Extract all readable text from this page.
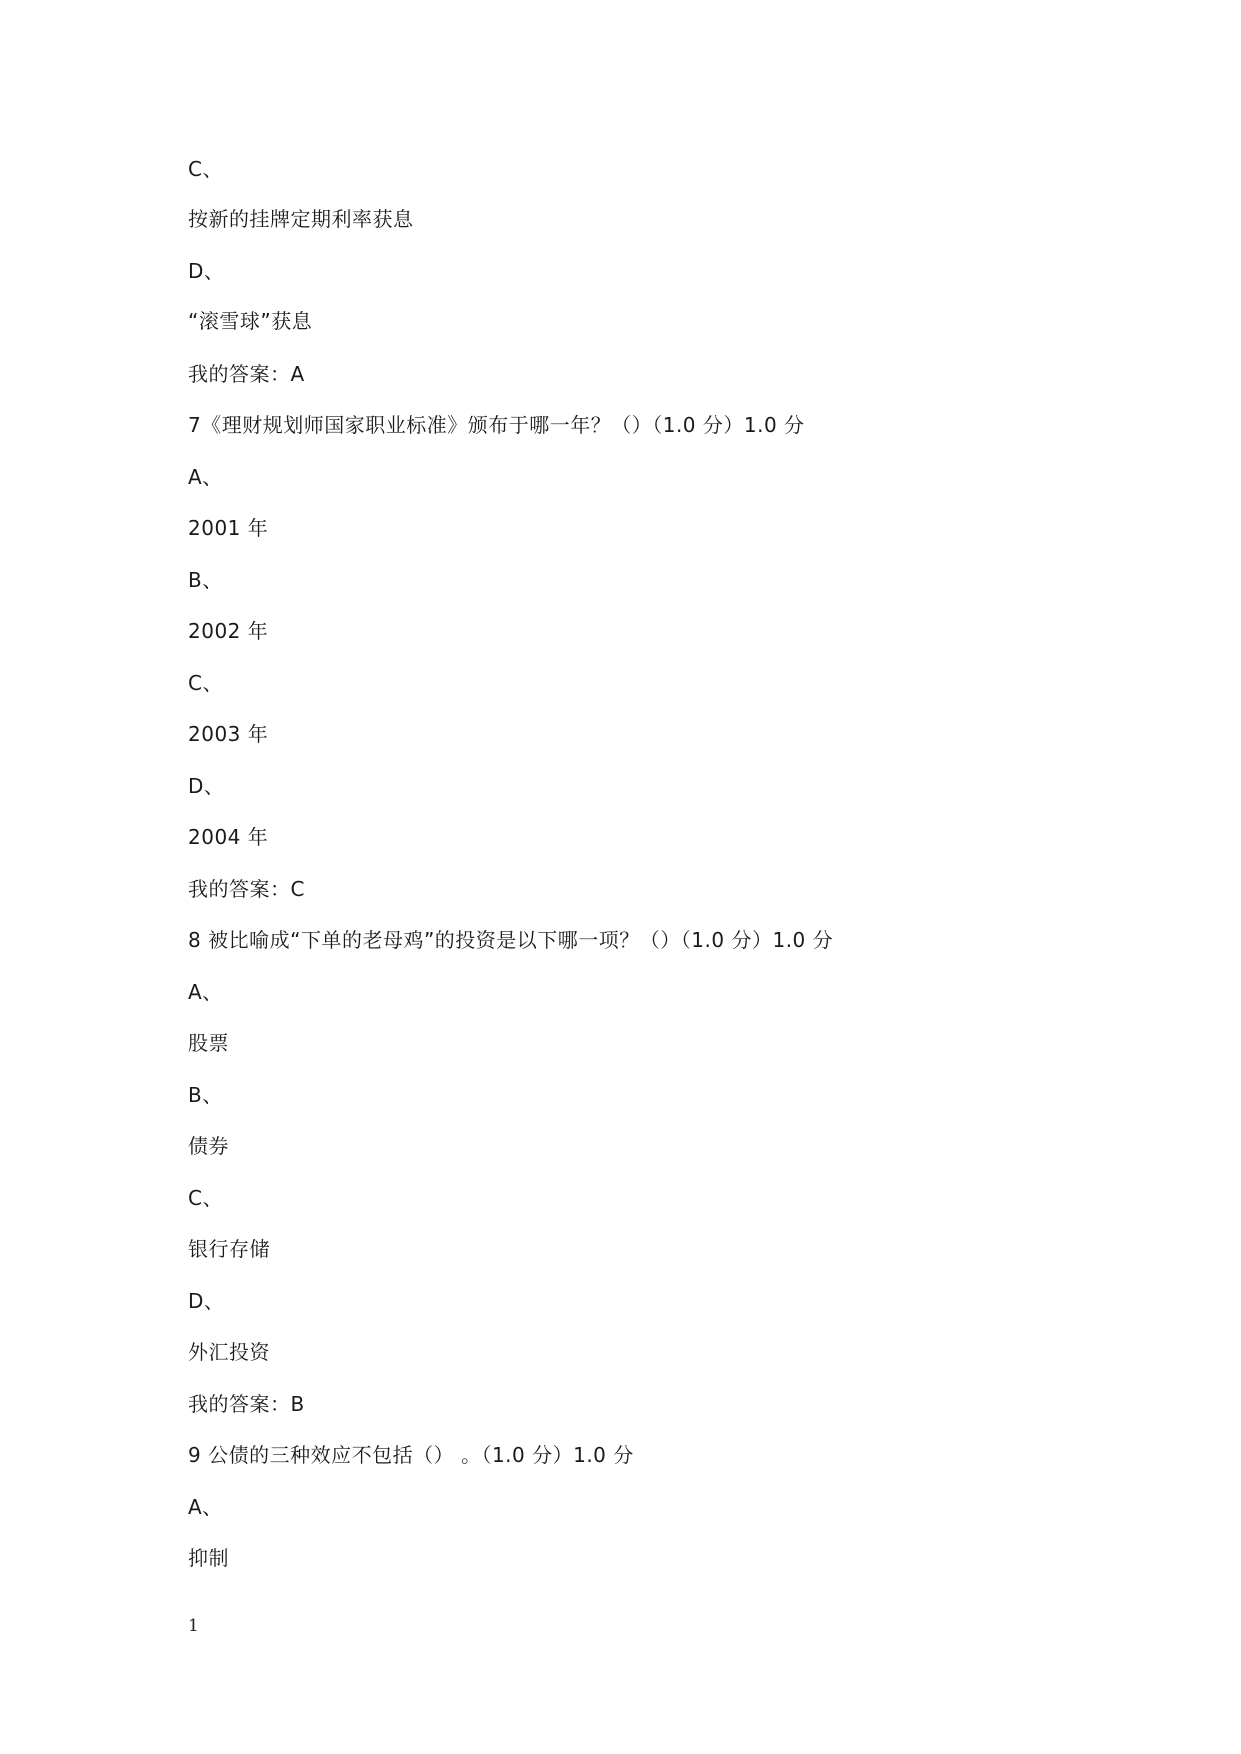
C、
按新的挂牌定期利率获息
D、
“滚雪球”获息
我的答案：A
7《理财规划师国家职业标准》颁布于哪一年？（）（1.0 分）1.0 分
A、
2001 年
B、
2002 年
C、
2003 年
D、
2004 年
我的答案：C
8 被比喻成“下单的老母鸡”的投资是以下哪一项？（）（1.0 分）1.0 分
A、
股票
B、
债券
C、
银行存储
D、
外汇投资
我的答案：B
9 公债的三种效应不包括（） 。（1.0 分）1.0 分
A、
抑制
1
